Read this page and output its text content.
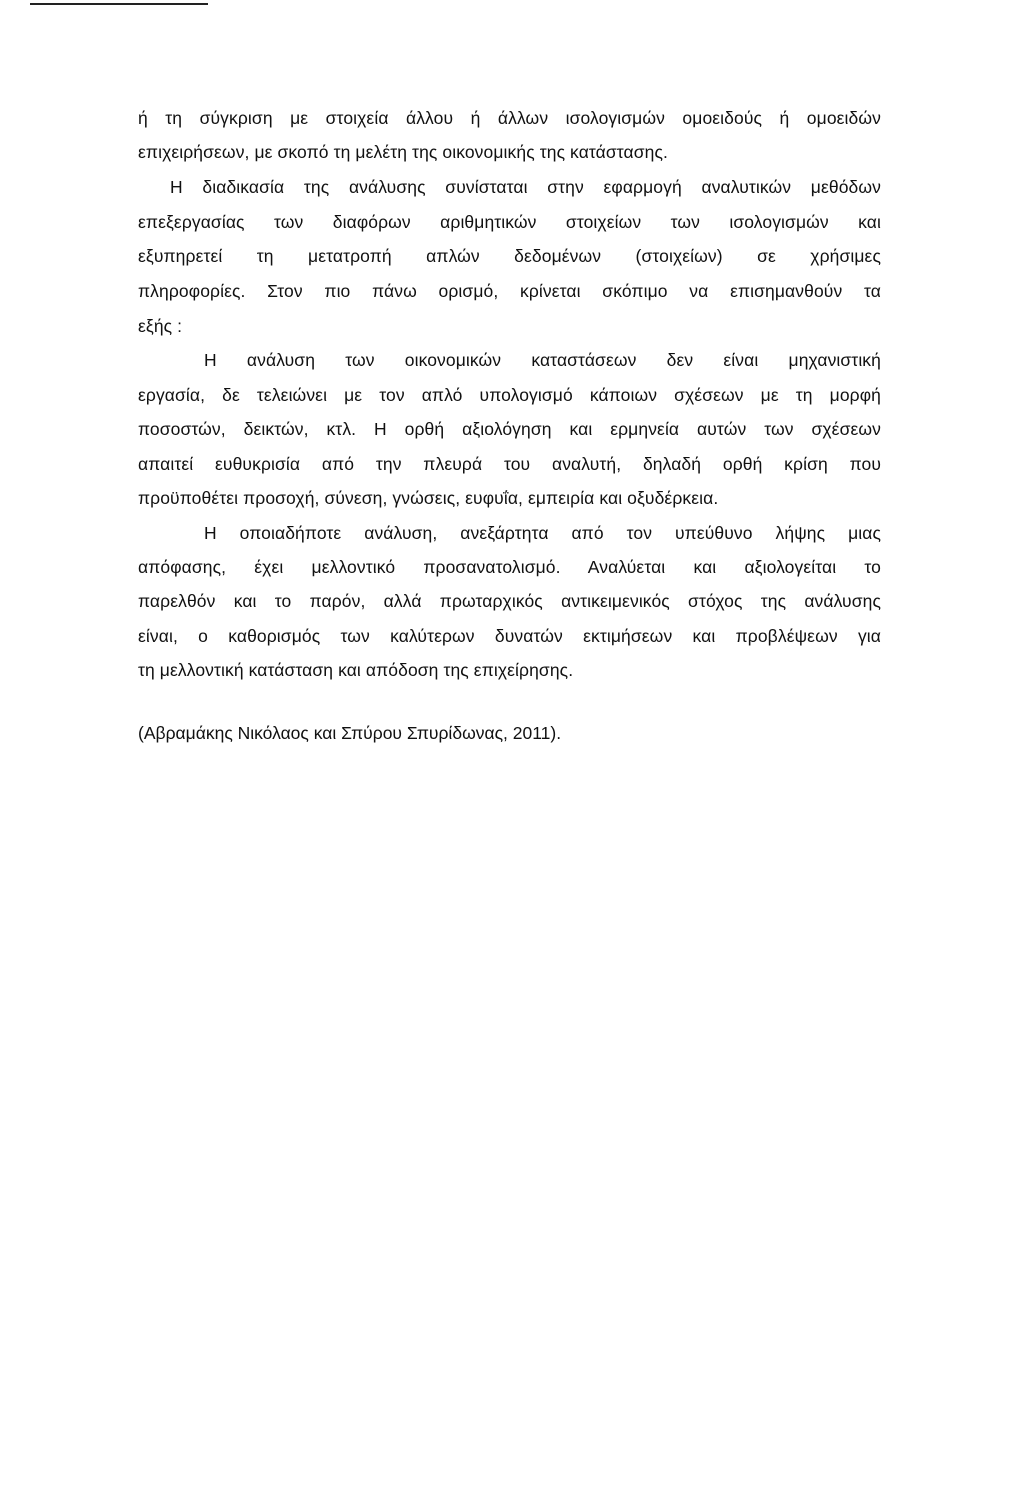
ή τη σύγκριση με στοιχεία άλλου ή άλλων ισολογισμών ομοειδούς ή ομοειδών
επιχειρήσεων, με σκοπό τη μελέτη της οικονομικής της κατάστασης.
Η διαδικασία της ανάλυσης συνίσταται στην εφαρμογή αναλυτικών μεθόδων
επεξεργασίας των διαφόρων αριθμητικών στοιχείων των ισολογισμών και
εξυπηρετεί τη μετατροπή απλών δεδομένων (στοιχείων) σε χρήσιμες
πληροφορίες. Στον πιο πάνω ορισμό, κρίνεται σκόπιμο να επισημανθούν τα
εξής :
Η ανάλυση των οικονομικών καταστάσεων δεν είναι μηχανιστική
εργασία, δε τελειώνει με τον απλό υπολογισμό κάποιων σχέσεων με τη μορφή
ποσοστών, δεικτών, κτλ. Η ορθή αξιολόγηση και ερμηνεία αυτών των σχέσεων
απαιτεί ευθυκρισία από την πλευρά του αναλυτή, δηλαδή ορθή κρίση που
προϋποθέτει προσοχή, σύνεση, γνώσεις, ευφυΐα, εμπειρία και οξυδέρκεια.
Η οποιαδήποτε ανάλυση, ανεξάρτητα από τον υπεύθυνο λήψης μιας
απόφασης, έχει μελλοντικό προσανατολισμό. Αναλύεται και αξιολογείται το
παρελθόν και το παρόν, αλλά πρωταρχικός αντικειμενικός στόχος της ανάλυσης
είναι, ο καθορισμός των καλύτερων δυνατών εκτιμήσεων και προβλέψεων για
τη μελλοντική κατάσταση και απόδοση της επιχείρησης.
(Αβραμάκης Νικόλαος και Σπύρου Σπυρίδωνας, 2011).
